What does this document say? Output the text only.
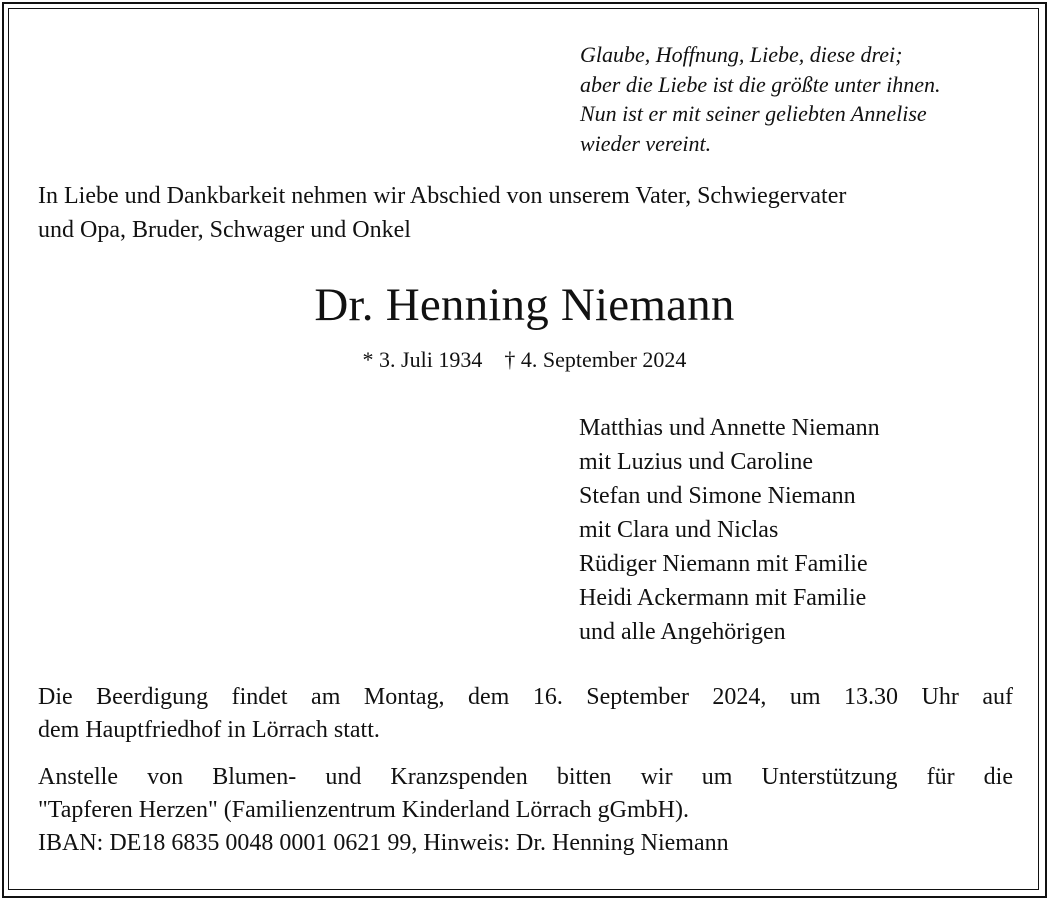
Glaube, Hoffnung, Liebe, diese drei;
aber die Liebe ist die größte unter ihnen.
Nun ist er mit seiner geliebten Annelise
wieder vereint.
In Liebe und Dankbarkeit nehmen wir Abschied von unserem Vater, Schwiegervater
und Opa, Bruder, Schwager und Onkel
Dr. Henning Niemann
* 3. Juli 1934 † 4. September 2024
Matthias und Annette Niemann
mit Luzius und Caroline
Stefan und Simone Niemann
mit Clara und Niclas
Rüdiger Niemann mit Familie
Heidi Ackermann mit Familie
und alle Angehörigen
Die Beerdigung findet am Montag, dem 16. September 2024, um 13.30 Uhr auf
dem Hauptfriedhof in Lörrach statt.
Anstelle von Blumen- und Kranzspenden bitten wir um Unterstützung für die
"Tapferen Herzen" (Familienzentrum Kinderland Lörrach gGmbH).
IBAN: DE18 6835 0048 0001 0621 99, Hinweis: Dr. Henning Niemann
